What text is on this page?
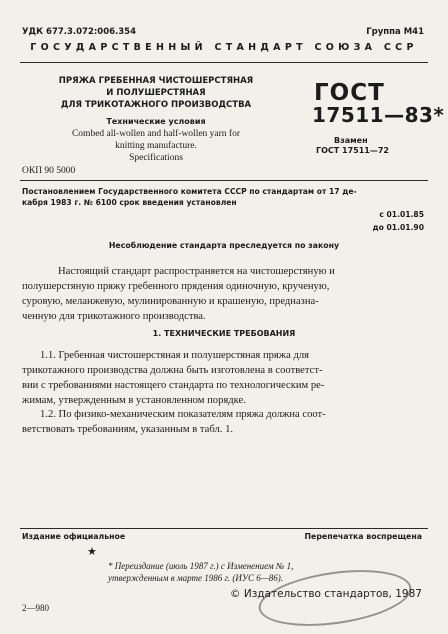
УДК 677.3.072:006.354	Группа М41
ГОСУДАРСТВЕННЫЙ СТАНДАРТ СОЮЗА ССР
ПРЯЖА ГРЕБЕННАЯ ЧИСТОШЕРСТЯНАЯ
И ПОЛУШЕРСТЯНАЯ
ДЛЯ ТРИКОТАЖНОГО ПРОИЗВОДСТВА
Технические условия
Combed all-wollen and half-wollen yarn for
knitting manufacture.
Specifications
ГОСТ
17511—83*
Взамен
ГОСТ 17511—72
ОКП 90 5000
Постановлением Государственного комитета СССР по стандартам от 17 де-
кабря 1983 г. № 6100 срок введения установлен
с 01.01.85
до 01.01.90
Несоблюдение стандарта преследуется по закону
Настоящий стандарт распространяется на чистошерстяную и
полушерстяную пряжу гребенного прядения одиночную, крученую,
суровую, меланжевую, мулинированную и крашеную, предназна-
ченную для трикотажного производства.
1. ТЕХНИЧЕСКИЕ ТРЕБОВАНИЯ
1.1. Гребенная чистошерстяная и полушерстяная пряжа для
трикотажного производства должна быть изготовлена в соответст-
вии с требованиями настоящего стандарта по технологическим ре-
жимам, утвержденным в установленном порядке.
1.2. По физико-механическим показателям пряжа должна соот-
ветствовать требованиям, указанным в табл. 1.
Издание официальное	Перепечатка воспрещена
★
* Переиздание (июль 1987 г.) с Изменением № 1,
утвержденным в марте 1986 г. (ИУС 6—86).
© Издательство стандартов, 1987
2—980
